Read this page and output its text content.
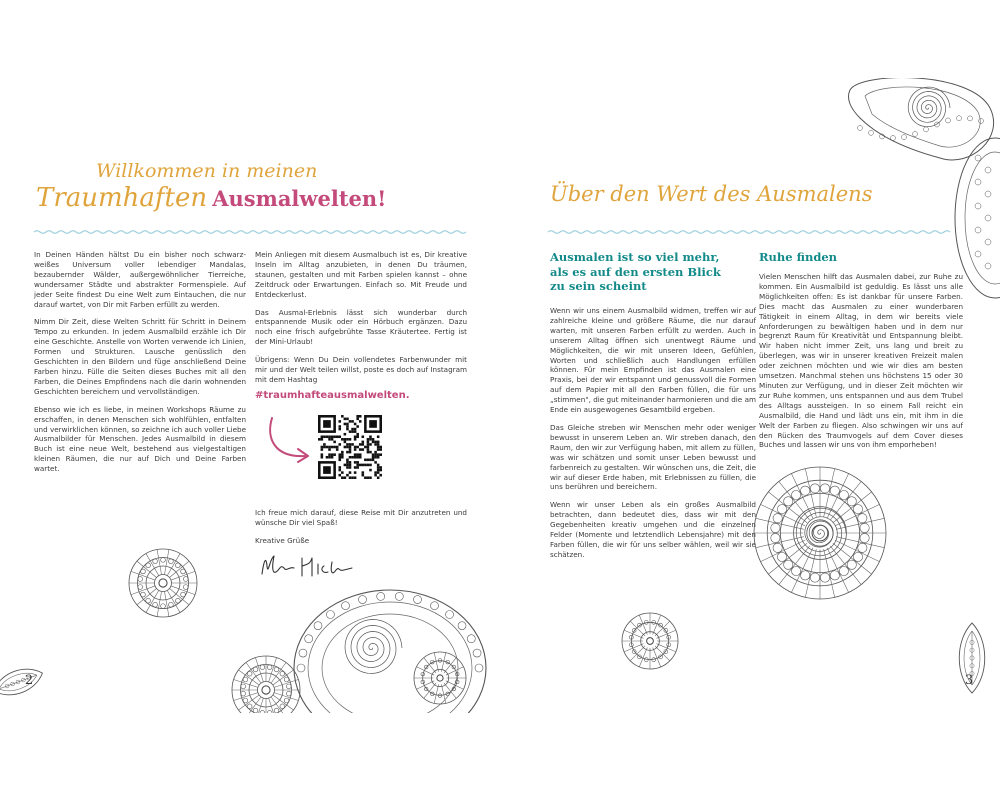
Willkommen in meinen
Traumhaften Ausmalwelten!

In Deinen Händen hältst Du ein bisher noch schwarz-weißes Universum voller lebendiger Mandalas, bezaubernder Wälder, außergewöhnlicher Tierreiche, wundersamer Städte und abstrakter Formenspiele. Auf jeder Seite findest Du eine Welt zum Eintauchen, die nur darauf wartet, von Dir mit Farben erfüllt zu werden.

Nimm Dir Zeit, diese Welten Schritt für Schritt in Deinem Tempo zu erkunden. In jedem Ausmalbild erzähle ich Dir eine Geschichte. Anstelle von Worten verwende ich Linien, Formen und Strukturen. Lausche genüsslich den Geschichten in den Bildern und füge anschließend Deine Farben hinzu. Fülle die Seiten dieses Buches mit all den Farben, die Deines Empfindens nach die darin wohnenden Geschichten bereichern und vervollständigen.

Ebenso wie ich es liebe, in meinen Workshops Räume zu erschaffen, in denen Menschen sich wohlfühlen, entfalten und verwirklichen können, so zeichne ich auch voller Liebe Ausmalbilder für Menschen. Jedes Ausmalbild in diesem Buch ist eine neue Welt, bestehend aus vielgestaltigen kleinen Räumen, die nur auf Dich und Deine Farben wartet.

Mein Anliegen mit diesem Ausmalbuch ist es, Dir kreative Inseln im Alltag anzubieten, in denen Du träumen, staunen, gestalten und mit Farben spielen kannst – ohne Zeitdruck oder Erwartungen. Einfach so. Mit Freude und Entdeckerlust.

Das Ausmal-Erlebnis lässt sich wunderbar durch entspannende Musik oder ein Hörbuch ergänzen. Dazu noch eine frisch aufgebrühte Tasse Kräutertee. Fertig ist der Mini-Urlaub!

Übrigens: Wenn Du Dein vollendetes Farbenwunder mit mir und der Welt teilen willst, poste es doch auf Instagram mit dem Hashtag

#traumhafteausmalwelten.

Ich freue mich darauf, diese Reise mit Dir anzutreten und wünsche Dir viel Spaß!

Kreative Grüße

2
Über den Wert des Ausmalens
Ausmalen ist so viel mehr,
als es auf den ersten Blick
zu sein scheint

Wenn wir uns einem Ausmalbild widmen, treffen wir auf zahlreiche kleine und größere Räume, die nur darauf warten, mit unseren Farben erfüllt zu werden. Auch in unserem Alltag öffnen sich unentwegt Räume und Möglichkeiten, die wir mit unseren Ideen, Gefühlen, Worten und schließlich auch Handlungen erfüllen können. Für mein Empfinden ist das Ausmalen eine Praxis, bei der wir entspannt und genussvoll die Formen auf dem Papier mit all den Farben füllen, die für uns „stimmen", die gut miteinander harmonieren und die am Ende ein ausgewogenes Gesamtbild ergeben.

Das Gleiche streben wir Menschen mehr oder weniger bewusst in unserem Leben an. Wir streben danach, den Raum, den wir zur Verfügung haben, mit allem zu füllen, was wir schätzen und somit unser Leben bewusst und farbenreich zu gestalten. Wir wünschen uns, die Zeit, die wir auf dieser Erde haben, mit Erlebnissen zu füllen, die uns berühren und bereichern.

Wenn wir unser Leben als ein großes Ausmalbild betrachten, dann bedeutet dies, dass wir mit den Gegebenheiten kreativ umgehen und die einzelnen Felder (Momente und letztendlich Lebensjahre) mit den Farben füllen, die wir für uns selber wählen, weil wir sie schätzen.

Ruhe finden

Vielen Menschen hilft das Ausmalen dabei, zur Ruhe zu kommen. Ein Ausmalbild ist geduldig. Es lässt uns alle Möglichkeiten offen: Es ist dankbar für unsere Farben. Dies macht das Ausmalen zu einer wunderbaren Tätigkeit in einem Alltag, in dem wir bereits viele Anforderungen zu bewältigen haben und in dem nur begrenzt Raum für Kreativität und Entspannung bleibt. Wir haben nicht immer Zeit, uns lang und breit zu überlegen, was wir in unserer kreativen Freizeit malen oder zeichnen möchten und wie wir dies am besten umsetzen. Manchmal stehen uns höchstens 15 oder 30 Minuten zur Verfügung, und in dieser Zeit möchten wir zur Ruhe kommen, uns entspannen und aus dem Trubel des Alltags aussteigen. In so einem Fall reicht ein Ausmalbild, die Hand und lädt uns ein, mit ihm in die Welt der Farben zu fliegen. Also schwingen wir uns auf den Rücken des Traumvogels auf dem Cover dieses Buches und lassen wir uns von ihm emporheben!

3
